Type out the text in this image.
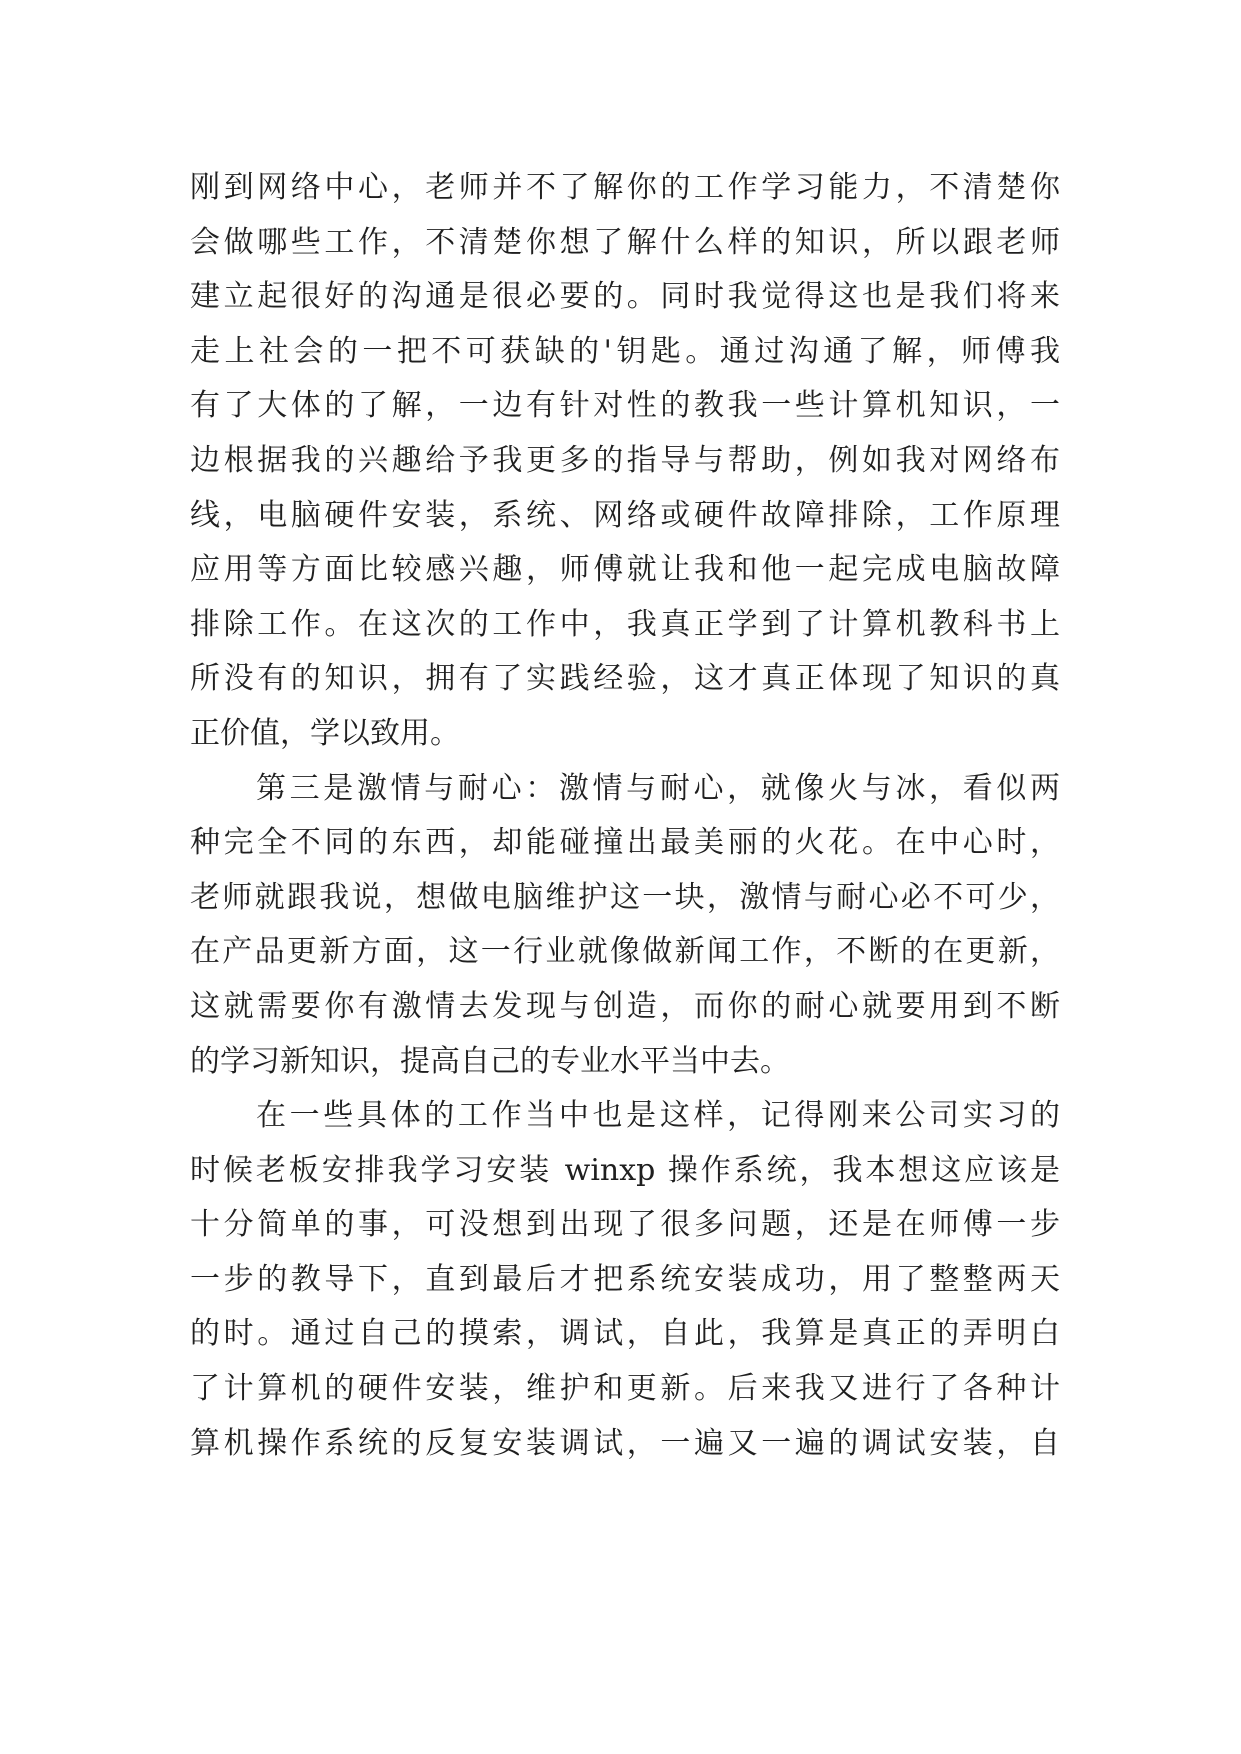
刚到网络中心，老师并不了解你的工作学习能力，不清楚你
会做哪些工作，不清楚你想了解什么样的知识，所以跟老师
建立起很好的沟通是很必要的。同时我觉得这也是我们将来
走上社会的一把不可获缺的'钥匙。通过沟通了解，师傅我
有了大体的了解，一边有针对性的教我一些计算机知识，一
边根据我的兴趣给予我更多的指导与帮助，例如我对网络布
线，电脑硬件安装，系统、网络或硬件故障排除，工作原理
应用等方面比较感兴趣，师傅就让我和他一起完成电脑故障
排除工作。在这次的工作中，我真正学到了计算机教科书上
所没有的知识，拥有了实践经验，这才真正体现了知识的真
正价值，学以致用。
第三是激情与耐心：激情与耐心，就像火与冰，看似两
种完全不同的东西，却能碰撞出最美丽的火花。在中心时，
老师就跟我说，想做电脑维护这一块，激情与耐心必不可少，
在产品更新方面，这一行业就像做新闻工作，不断的在更新，
这就需要你有激情去发现与创造，而你的耐心就要用到不断
的学习新知识，提高自己的专业水平当中去。
在一些具体的工作当中也是这样，记得刚来公司实习的
时候老板安排我学习安装 winxp 操作系统，我本想这应该是
十分简单的事，可没想到出现了很多问题，还是在师傅一步
一步的教导下，直到最后才把系统安装成功，用了整整两天
的时。通过自己的摸索，调试，自此，我算是真正的弄明白
了计算机的硬件安装，维护和更新。后来我又进行了各种计
算机操作系统的反复安装调试，一遍又一遍的调试安装，自
